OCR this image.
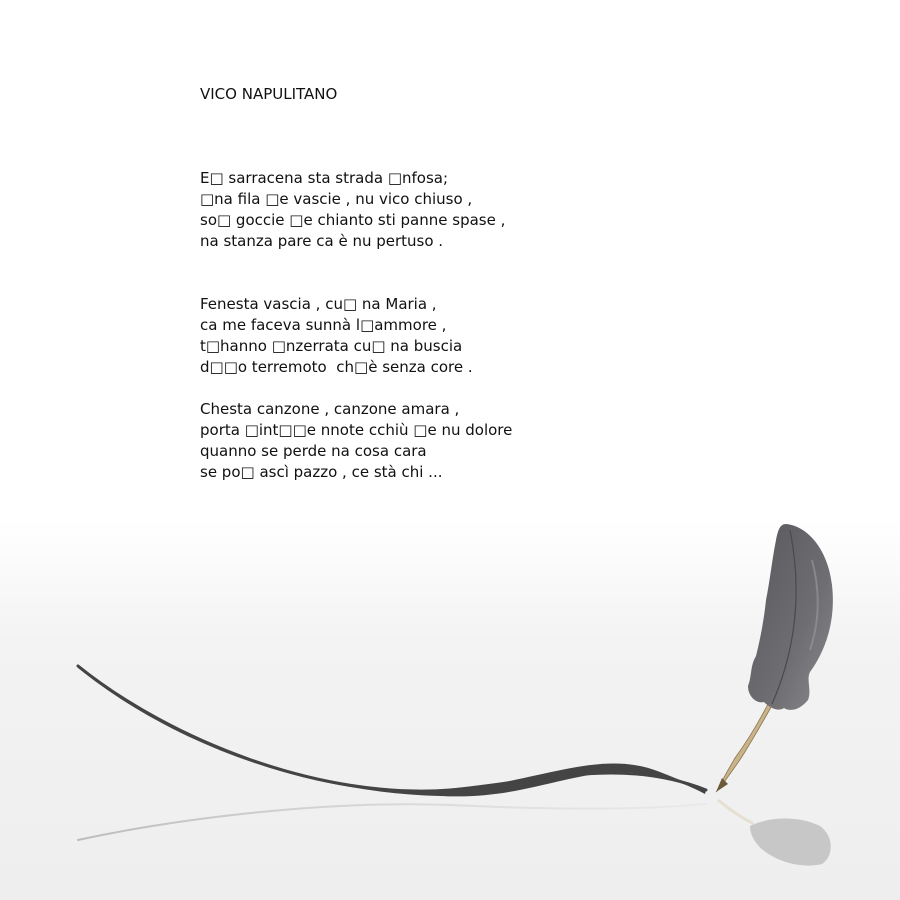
VICO NAPULITANO

E□ sarracena sta strada □nfosa;
□na fila □e vascie , nu vico chiuso ,
so□ goccie □e chianto sti panne spase ,
na stanza pare ca è nu pertuso .

Fenesta vascia , cu□ na Maria ,
ca me faceva sunnà l□ammore ,
t□hanno □nzerrata cu□ na buscia
d□□o terremoto  ch□è senza core .

Chesta canzone , canzone amara ,
porta □int□□e nnote cchiù □e nu dolore
quanno se perde na cosa cara
se po□ ascì pazzo , ce stà chi ...
